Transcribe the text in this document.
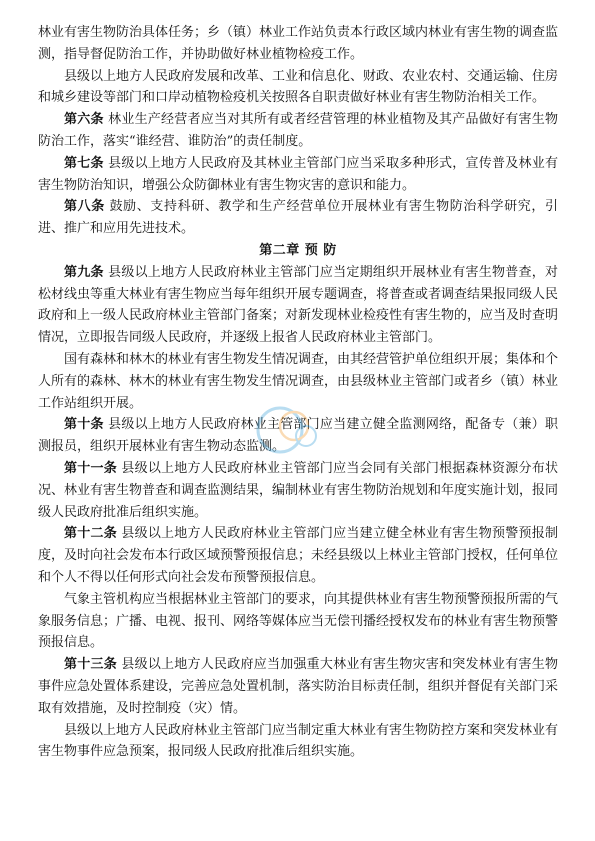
林业有害生物防治具体任务；乡（镇）林业工作站负责本行政区域内林业有害生物的调查监测，指导督促防治工作，并协助做好林业植物检疫工作。

县级以上地方人民政府发展和改革、工业和信息化、财政、农业农村、交通运输、住房和城乡建设等部门和口岸动植物检疫机关按照各自职责做好林业有害生物防治相关工作。

第六条 林业生产经营者应当对其所有或者经营管理的林业植物及其产品做好有害生物防治工作，落实“谁经营、谁防治”的责任制度。

第七条 县级以上地方人民政府及其林业主管部门应当采取多种形式，宣传普及林业有害生物防治知识，增强公众防御林业有害生物灾害的意识和能力。

第八条 鼓励、支持科研、教学和生产经营单位开展林业有害生物防治科学研究，引进、推广和应用先进技术。

第二章 预 防

第九条 县级以上地方人民政府林业主管部门应当定期组织开展林业有害生物普查，对松材线虫等重大林业有害生物应当每年组织开展专题调查，将普查或者调查结果报同级人民政府和上一级人民政府林业主管部门备案；对新发现林业检疫性有害生物的，应当及时查明情况，立即报告同级人民政府，并逐级上报省人民政府林业主管部门。

国有森林和林木的林业有害生物发生情况调查，由其经营管护单位组织开展；集体和个人所有的森林、林木的林业有害生物发生情况调查，由县级林业主管部门或者乡（镇）林业工作站组织开展。

第十条 县级以上地方人民政府林业主管部门应当建立健全监测网络，配备专（兼）职测报员，组织开展林业有害生物动态监测。

第十一条 县级以上地方人民政府林业主管部门应当会同有关部门根据森林资源分布状况、林业有害生物普查和调查监测结果，编制林业有害生物防治规划和年度实施计划，报同级人民政府批准后组织实施。

第十二条 县级以上地方人民政府林业主管部门应当建立健全林业有害生物预警预报制度，及时向社会发布本行政区域预警预报信息；未经县级以上林业主管部门授权，任何单位和个人不得以任何形式向社会发布预警预报信息。

气象主管机构应当根据林业主管部门的要求，向其提供林业有害生物预警预报所需的气象服务信息；广播、电视、报刊、网络等媒体应当无偿刊播经授权发布的林业有害生物预警预报信息。

第十三条 县级以上地方人民政府应当加强重大林业有害生物灾害和突发林业有害生物事件应急处置体系建设，完善应急处置机制，落实防治目标责任制，组织并督促有关部门采取有效措施，及时控制疫（灾）情。

县级以上地方人民政府林业主管部门应当制定重大林业有害生物防控方案和突发林业有害生物事件应急预案，报同级人民政府批准后组织实施。
